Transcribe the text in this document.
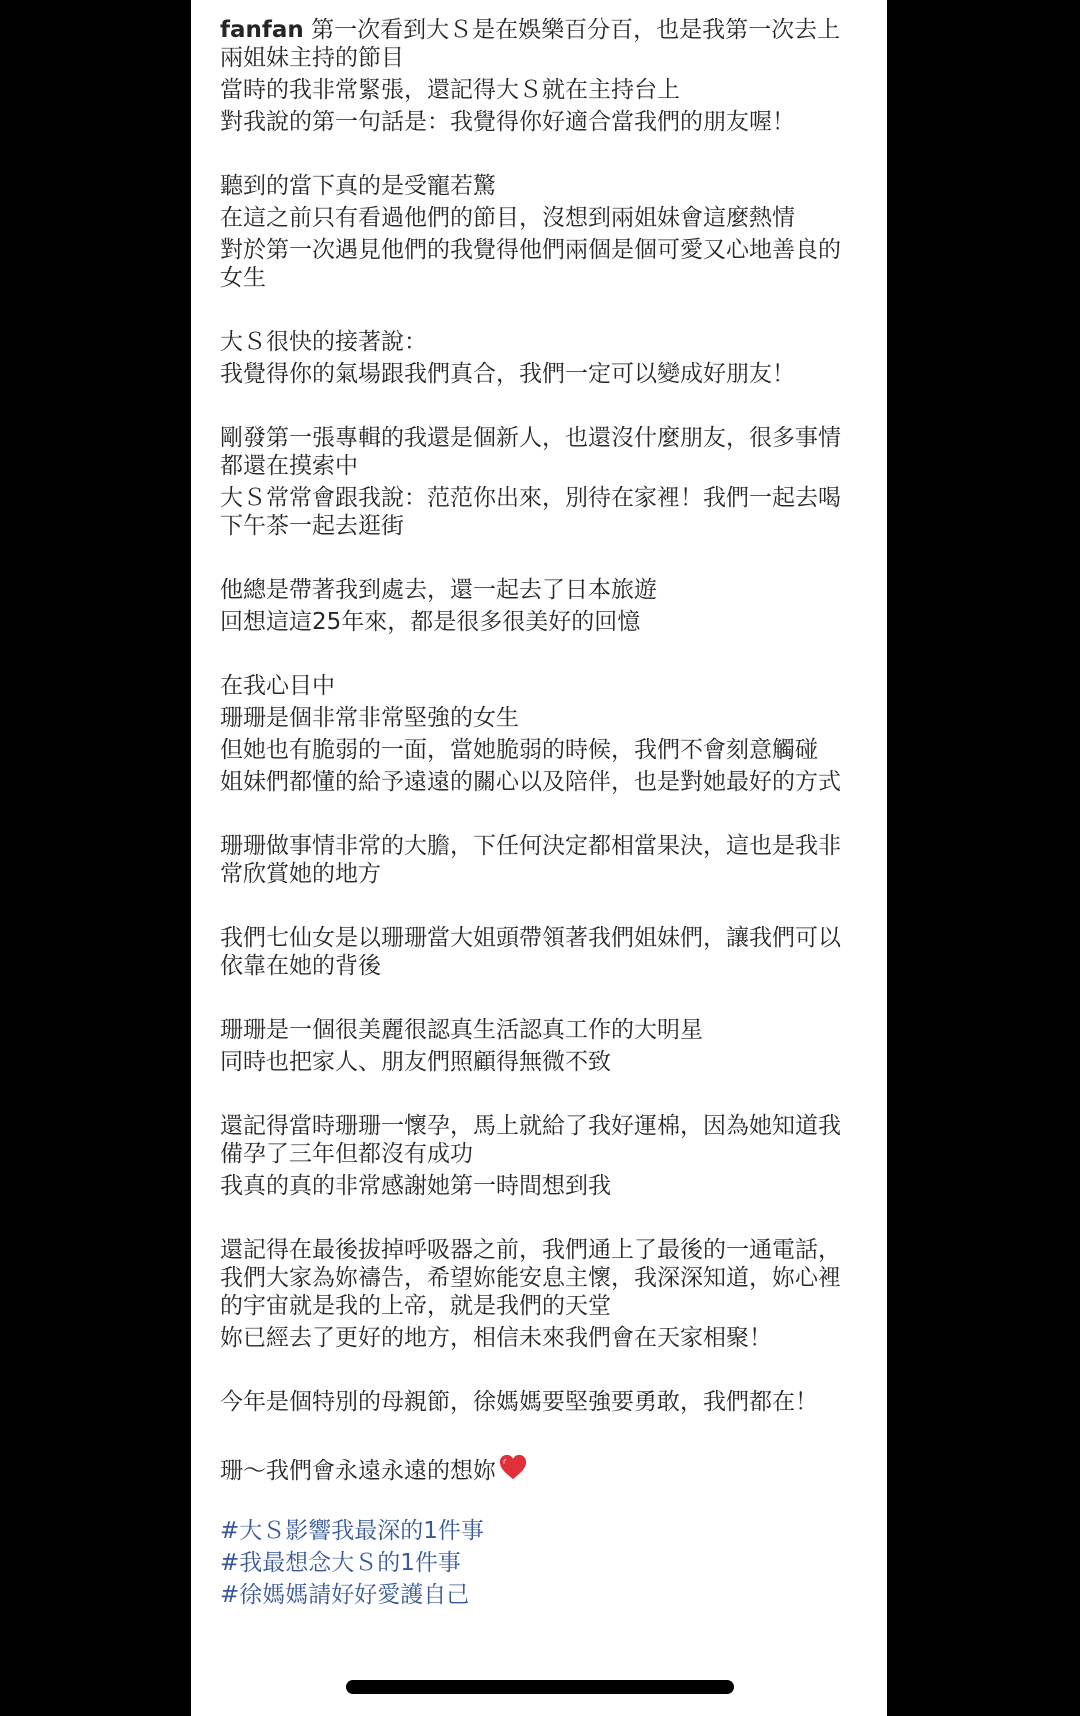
fanfan 第一次看到大Ｓ是在娛樂百分百，也是我第一次去上兩姐妹主持的節目
當時的我非常緊張，還記得大Ｓ就在主持台上
對我說的第一句話是：我覺得你好適合當我們的朋友喔！
聽到的當下真的是受寵若驚
在這之前只有看過他們的節目，沒想到兩姐妹會這麼熱情
對於第一次遇見他們的我覺得他們兩個是個可愛又心地善良的女生
大Ｓ很快的接著說：
我覺得你的氣場跟我們真合，我們一定可以變成好朋友！
剛發第一張專輯的我還是個新人，也還沒什麼朋友，很多事情都還在摸索中
大Ｓ常常會跟我說：范范你出來，別待在家裡！我們一起去喝下午茶一起去逛街
他總是帶著我到處去，還一起去了日本旅遊
回想這這25年來，都是很多很美好的回憶
在我心目中
珊珊是個非常非常堅強的女生
但她也有脆弱的一面，當她脆弱的時候，我們不會刻意觸碰
姐妹們都懂的給予遠遠的關心以及陪伴，也是對她最好的方式
珊珊做事情非常的大膽，下任何決定都相當果決，這也是我非常欣賞她的地方
我們七仙女是以珊珊當大姐頭帶領著我們姐妹們，讓我們可以依靠在她的背後
珊珊是一個很美麗很認真生活認真工作的大明星
同時也把家人、朋友們照顧得無微不致
還記得當時珊珊一懷孕，馬上就給了我好運棉，因為她知道我備孕了三年但都沒有成功
我真的真的非常感謝她第一時間想到我
還記得在最後拔掉呼吸器之前，我們通上了最後的一通電話，我們大家為妳禱告，希望妳能安息主懷，我深深知道，妳心裡的宇宙就是我的上帝，就是我們的天堂
妳已經去了更好的地方，相信未來我們會在天家相聚！
今年是個特別的母親節，徐媽媽要堅強要勇敢，我們都在！
珊～我們會永遠永遠的想妳
#大Ｓ影響我最深的1件事
#我最想念大Ｓ的1件事
#徐媽媽請好好愛護自己
